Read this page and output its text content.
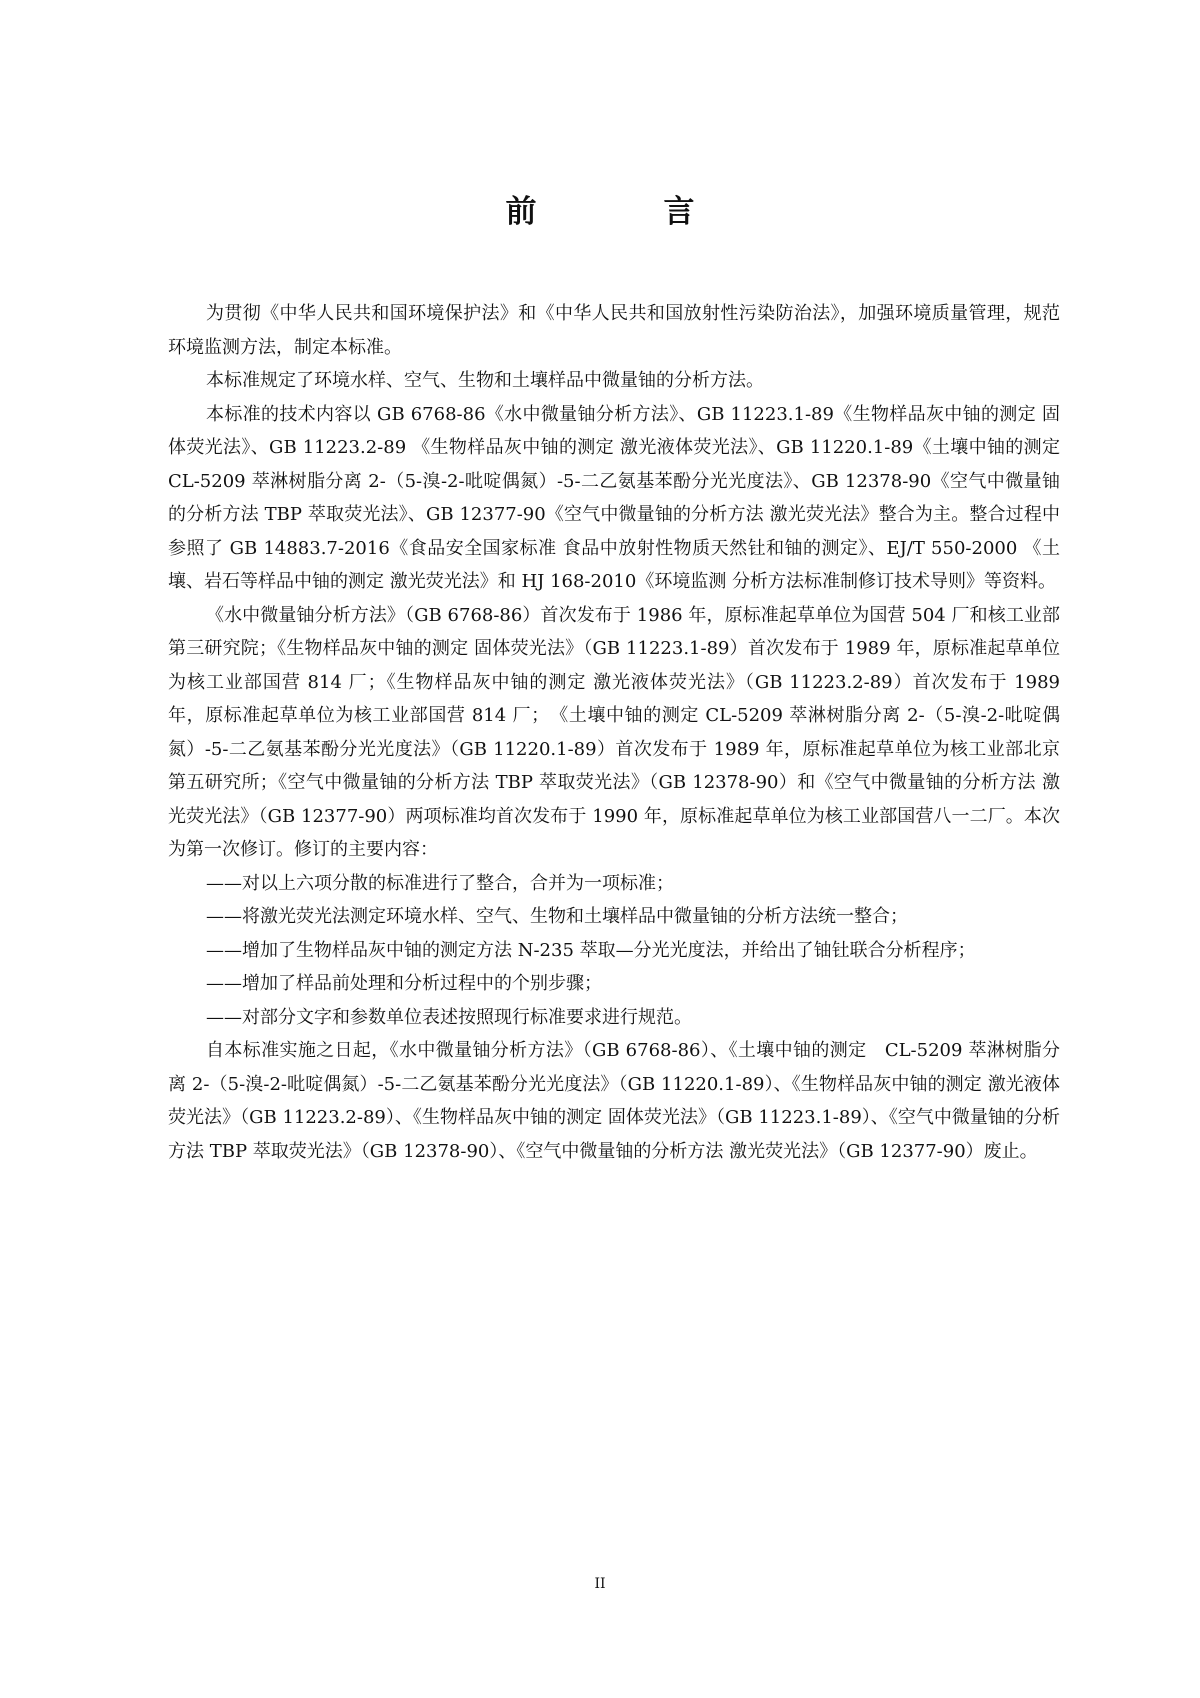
前　言

为贯彻《中华人民共和国环境保护法》和《中华人民共和国放射性污染防治法》，加强环境质量管理，规范环境监测方法，制定本标准。

本标准规定了环境水样、空气、生物和土壤样品中微量铀的分析方法。

本标准的技术内容以 GB 6768-86《水中微量铀分析方法》、GB 11223.1-89《生物样品灰中铀的测定 固体荧光法》、GB 11223.2-89 《生物样品灰中铀的测定 激光液体荧光法》、GB 11220.1-89《土壤中铀的测定　CL-5209 萃淋树脂分离 2-（5-溴-2-吡啶偶氮）-5-二乙氨基苯酚分光光度法》、GB 12378-90《空气中微量铀的分析方法 TBP 萃取荧光法》、GB 12377-90《空气中微量铀的分析方法 激光荧光法》整合为主。整合过程中参照了 GB 14883.7-2016《食品安全国家标准 食品中放射性物质天然钍和铀的测定》、EJ/T 550-2000 《土壤、岩石等样品中铀的测定 激光荧光法》和 HJ 168-2010《环境监测 分析方法标准制修订技术导则》等资料。

《水中微量铀分析方法》（GB 6768-86）首次发布于 1986 年，原标准起草单位为国营 504 厂和核工业部第三研究院；《生物样品灰中铀的测定 固体荧光法》（GB 11223.1-89）首次发布于 1989 年，原标准起草单位为核工业部国营 814 厂；《生物样品灰中铀的测定 激光液体荧光法》（GB 11223.2-89）首次发布于 1989 年，原标准起草单位为核工业部国营 814 厂；　《土壤中铀的测定 CL-5209 萃淋树脂分离 2-（5-溴-2-吡啶偶氮）-5-二乙氨基苯酚分光光度法》（GB 11220.1-89）首次发布于 1989 年，原标准起草单位为核工业部北京第五研究所；《空气中微量铀的分析方法 TBP 萃取荧光法》（GB 12378-90）和《空气中微量铀的分析方法 激光荧光法》（GB 12377-90）两项标准均首次发布于 1990 年，原标准起草单位为核工业部国营八一二厂。本次为第一次修订。修订的主要内容：

——对以上六项分散的标准进行了整合，合并为一项标准；

——将激光荧光法测定环境水样、空气、生物和土壤样品中微量铀的分析方法统一整合；

——增加了生物样品灰中铀的测定方法 N-235 萃取—分光光度法，并给出了铀钍联合分析程序；

——增加了样品前处理和分析过程中的个别步骤；

——对部分文字和参数单位表述按照现行标准要求进行规范。

自本标准实施之日起，《水中微量铀分析方法》（GB 6768-86）、《土壤中铀的测定　CL-5209 萃淋树脂分离 2-（5-溴-2-吡啶偶氮）-5-二乙氨基苯酚分光光度法》（GB 11220.1-89）、《生物样品灰中铀的测定 激光液体荧光法》（GB 11223.2-89）、《生物样品灰中铀的测定 固体荧光法》（GB 11223.1-89）、《空气中微量铀的分析方法 TBP 萃取荧光法》（GB 12378-90）、《空气中微量铀的分析方法 激光荧光法》（GB 12377-90）废止。

II
